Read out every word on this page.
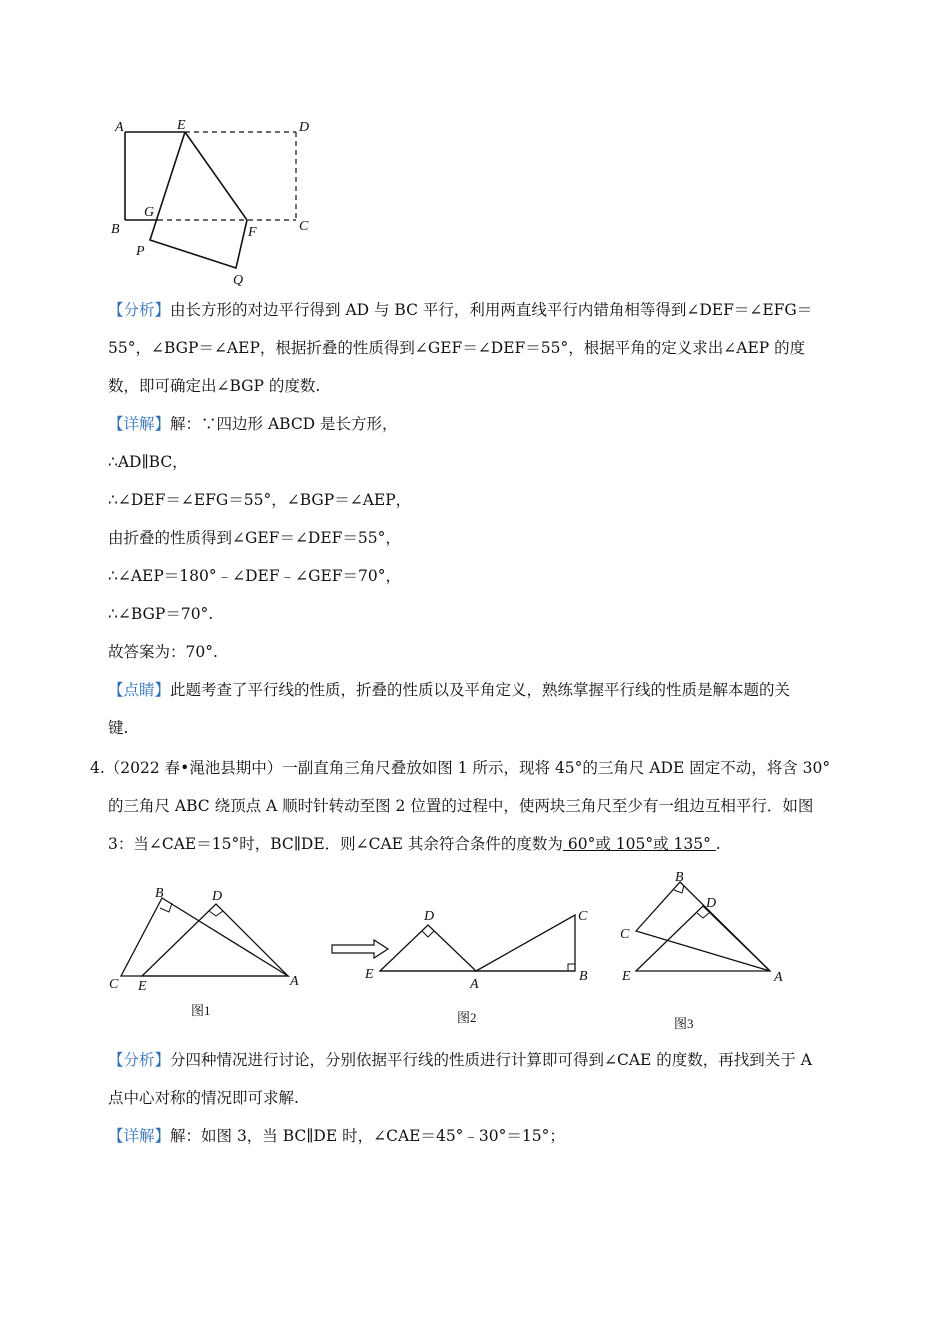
A	E	D
B
G
F	C
P
Q
【分析】由长方形的对边平行得到 AD 与 BC 平行，利用两直线平行内错角相等得到∠DEF＝∠EFG＝
55°，∠BGP＝∠AEP，根据折叠的性质得到∠GEF＝∠DEF＝55°，根据平角的定义求出∠AEP 的度
数，即可确定出∠BGP 的度数.
【详解】解：∵四边形 ABCD 是长方形，
∴AD∥BC，
∴∠DEF＝∠EFG＝55°，∠BGP＝∠AEP，
由折叠的性质得到∠GEF＝∠DEF＝55°，
∴∠AEP＝180°﹣∠DEF﹣∠GEF＝70°，
∴∠BGP＝70°.
故答案为：70°.
【点睛】此题考查了平行线的性质，折叠的性质以及平角定义，熟练掌握平行线的性质是解本题的关
键.
4.（2022 春•渑池县期中）一副直角三角尺叠放如图 1 所示，现将 45°的三角尺 ADE 固定不动，将含 30°
的三角尺 ABC 绕顶点 A 顺时针转动至图 2 位置的过程中，使两块三角尺至少有一组边互相平行．如图
3：当∠CAE＝15°时，BC∥DE．则∠CAE 其余符合条件的度数为 60°或 105°或 135° .
B	D
C E	A
图1
D	C
E
A
B
图2
B
D
C
E	A
图3
【分析】分四种情况进行讨论，分别依据平行线的性质进行计算即可得到∠CAE 的度数，再找到关于 A
点中心对称的情况即可求解.
【详解】解：如图 3，当 BC∥DE 时，∠CAE＝45°﹣30°＝15°；
